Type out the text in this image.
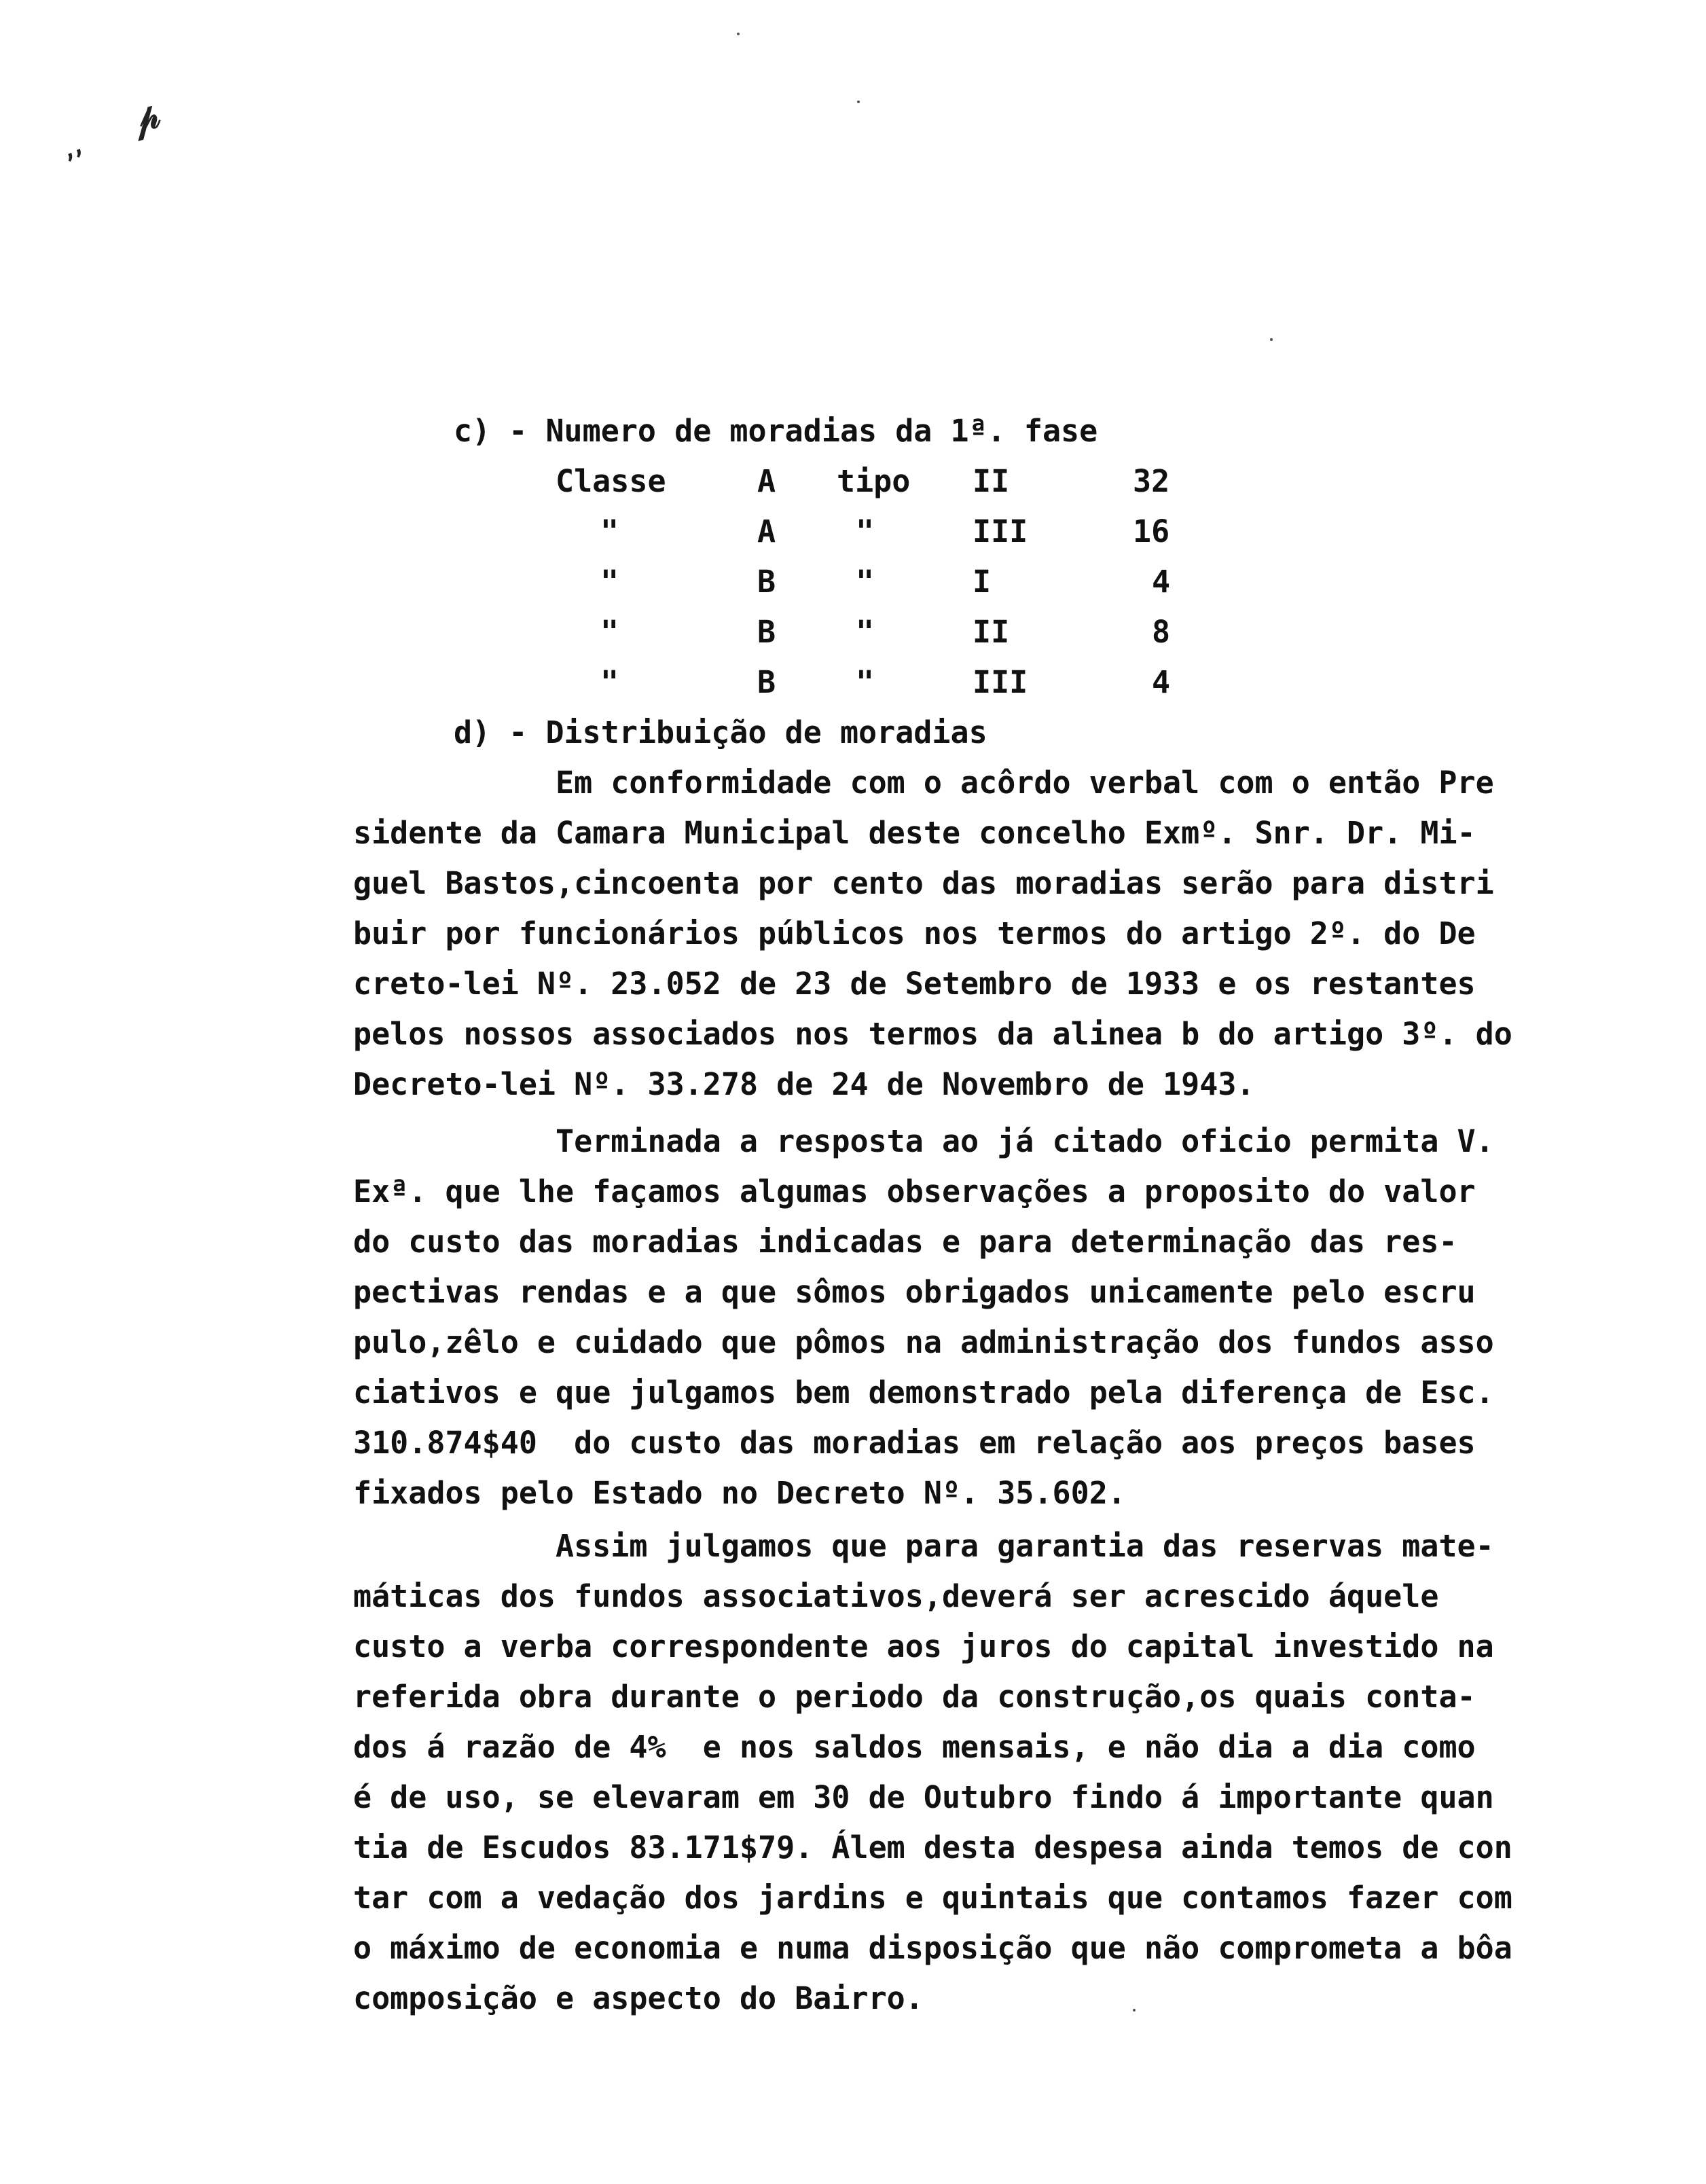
𝓅
ʼʼ
c) - Numero de moradias da 1ª. fase
Classe	A tipo II	32
"	A	"	III	16
"	B	"	I	4
"	B	"	II	8
"	B	"	III	4
d) - Distribuição de moradias
Em conformidade com o acôrdo verbal com o então Pre
sidente da Camara Municipal deste concelho Exmº. Snr. Dr. Mi-
guel Bastos,cincoenta por cento das moradias serão para distri
buir por funcionários públicos nos termos do artigo 2º. do De
creto-lei Nº. 23.052 de 23 de Setembro de 1933 e os restantes
pelos nossos associados nos termos da alinea b do artigo 3º. do
Decreto-lei Nº. 33.278 de 24 de Novembro de 1943.
Terminada a resposta ao já citado oficio permita V.
Exª. que lhe façamos algumas observações a proposito do valor
do custo das moradias indicadas e para determinação das res-
pectivas rendas e a que sômos obrigados unicamente pelo escru
pulo,zêlo e cuidado que pômos na administração dos fundos asso
ciativos e que julgamos bem demonstrado pela diferença de Esc.
310.874$40  do custo das moradias em relação aos preços bases
fixados pelo Estado no Decreto Nº. 35.602.
Assim julgamos que para garantia das reservas mate-
máticas dos fundos associativos,deverá ser acrescido áquele
custo a verba correspondente aos juros do capital investido na
referida obra durante o periodo da construção,os quais conta-
dos á razão de 4%  e nos saldos mensais, e não dia a dia como
é de uso, se elevaram em 30 de Outubro findo á importante quan
tia de Escudos 83.171$79. Álem desta despesa ainda temos de con
tar com a vedação dos jardins e quintais que contamos fazer com
o máximo de economia e numa disposição que não comprometa a bôa
composição e aspecto do Bairro.
